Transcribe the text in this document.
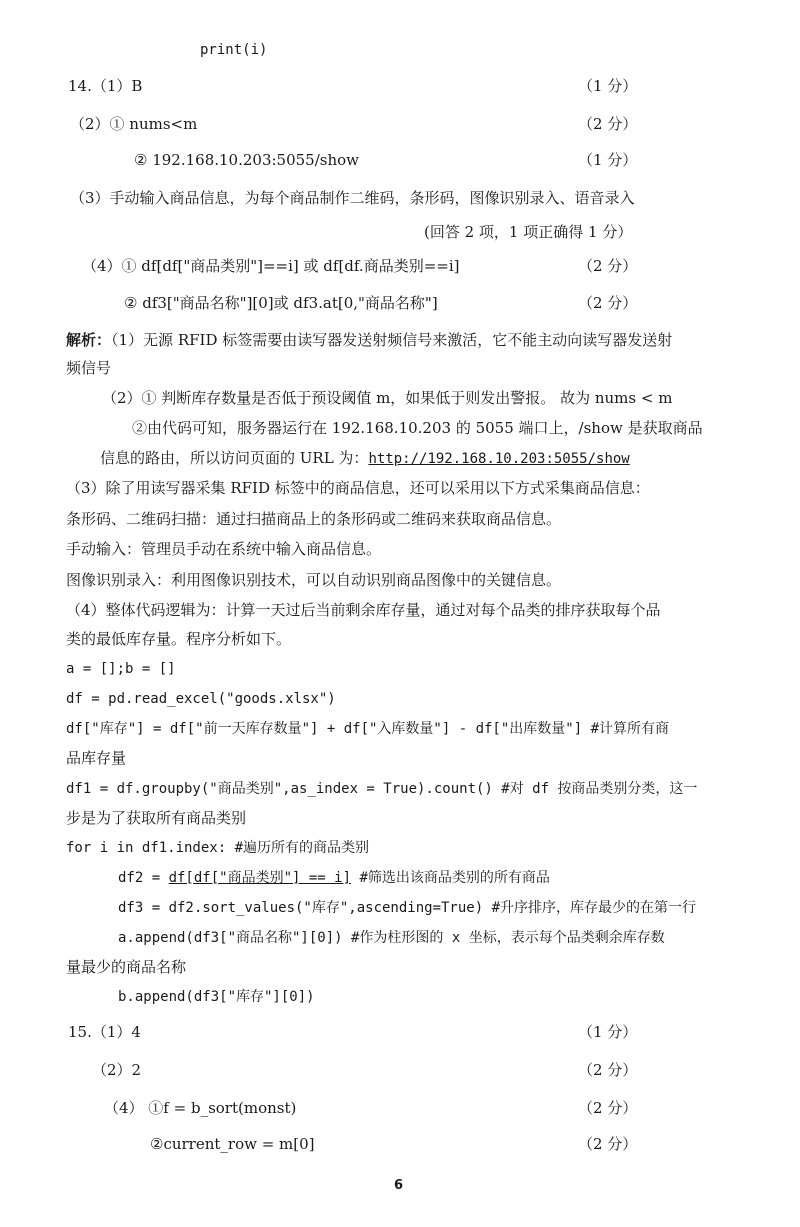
print(i)
14.（1）B	（1 分）
（2）① nums<m	（2 分）
② 192.168.10.203:5055/show	（1 分）
（3）手动输入商品信息，为每个商品制作二维码，条形码，图像识别录入、语音录入
(回答 2 项，1 项正确得 1 分）
（4）① df[df["商品类别"]==i] 或 df[df.商品类别==i]	（2 分）
② df3["商品名称"][0]或 df3.at[0,"商品名称"]	（2 分）
解析：（1）无源 RFID 标签需要由读写器发送射频信号来激活，它不能主动向读写器发送射
频信号
（2）① 判断库存数量是否低于预设阈值 m，如果低于则发出警报。 故为 nums < m
②由代码可知，服务器运行在 192.168.10.203 的 5055 端口上，/show 是获取商品
信息的路由，所以访问页面的 URL 为：http://192.168.10.203:5055/show
（3）除了用读写器采集 RFID 标签中的商品信息，还可以采用以下方式采集商品信息：
条形码、二维码扫描：通过扫描商品上的条形码或二维码来获取商品信息。
手动输入：管理员手动在系统中输入商品信息。
图像识别录入：利用图像识别技术，可以自动识别商品图像中的关键信息。
（4）整体代码逻辑为：计算一天过后当前剩余库存量，通过对每个品类的排序获取每个品
类的最低库存量。程序分析如下。
a = [];b = []
df = pd.read_excel("goods.xlsx")
df["库存"] = df["前一天库存数量"] + df["入库数量"] - df["出库数量"] #计算所有商
品库存量
df1 = df.groupby("商品类别",as_index = True).count() #对 df 按商品类别分类，这一
步是为了获取所有商品类别
for i in df1.index: #遍历所有的商品类别
df2 = df[df["商品类别"] == i] #筛选出该商品类别的所有商品
df3 = df2.sort_values("库存",ascending=True) #升序排序，库存最少的在第一行
a.append(df3["商品名称"][0]) #作为柱形图的 x 坐标，表示每个品类剩余库存数
量最少的商品名称
b.append(df3["库存"][0])
15.（1）4	（1 分）
（2）2	（2 分）
（4） ①f = b_sort(monst)	（2 分）
②current_row = m[0]	（2 分）
6
